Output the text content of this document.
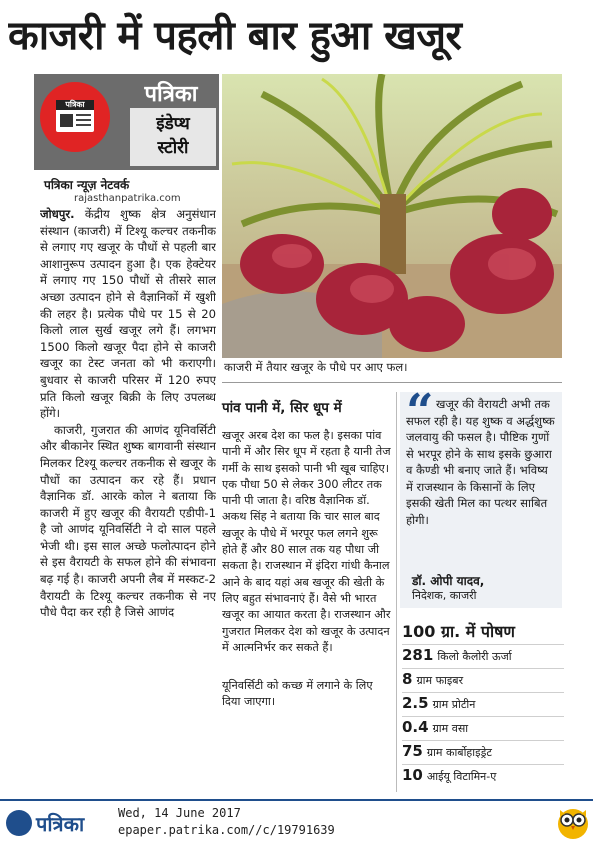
काजरी में पहली बार हुआ खजूर
पत्रिका	पत्रिका
इंडेप्थ
स्टोरी
पत्रिका न्यूज़ नेटवर्क
rajasthanpatrika.com

जोधपुर. केंद्रीय शुष्क क्षेत्र अनुसंधान संस्थान (काजरी) में टिश्यू कल्चर तकनीक से लगाए गए खजूर के पौधों से पहली बार आशानुरूप उत्पादन हुआ है। एक हेक्टेयर में लगाए गए 150 पौधों से तीसरे साल अच्छा उत्पादन होने से वैज्ञानिकों में खुशी की लहर है। प्रत्येक पौधे पर 15 से 20 किलो लाल सुर्ख खजूर लगे हैं। लगभग 1500 किलो खजूर पैदा होने से काजरी खजूर का टेस्ट जनता को भी कराएगी। बुधवार से काजरी परिसर में 120 रुपए प्रति किलो खजूर बिक्री के लिए उपलब्ध होंगे।

काजरी, गुजरात की आणंद यूनिवर्सिटी और बीकानेर स्थित शुष्क बागवानी संस्थान मिलकर टिश्यू कल्चर तकनीक से खजूर के पौधों का उत्पादन कर रहे हैं। प्रधान वैज्ञानिक डॉ. आरके कोल ने बताया कि काजरी में हुए खजूर की वैरायटी एडीपी-1 है जो आणंद यूनिवर्सिटी ने दो साल पहले भेजी थी। इस साल अच्छे फलोत्पादन होने से इस वैरायटी के सफल होने की संभावना बढ़ गई है। काजरी अपनी लैब में मस्कट-2 वैरायटी के टिश्यू कल्चर तकनीक से नए पौधे पैदा कर रही है जिसे आणंद

काजरी में तैयार खजूर के पौधे पर आए फल।
पांव पानी में, सिर धूप में

खजूर अरब देश का फल है। इसका पांव पानी में और सिर धूप में रहता है यानी तेज गर्मी के साथ इसको पानी भी खूब चाहिए। एक पौधा 50 से लेकर 300 लीटर तक पानी पी जाता है। वरिष्ठ वैज्ञानिक डॉ. अकथ सिंह ने बताया कि चार साल बाद खजूर के पौधे में भरपूर फल लगने शुरू होते हैं और 80 साल तक यह पौधा जी सकता है। राजस्थान में इंदिरा गांधी कैनाल आने के बाद यहां अब खजूर की खेती के लिए बहुत संभावनाएं हैं। वैसे भी भारत खजूर का आयात करता है। राजस्थान और गुजरात मिलकर देश को खजूर के उत्पादन में आत्मनिर्भर कर सकते हैं।

यूनिवर्सिटी को कच्छ में लगाने के लिए दिया जाएगा।

“ खजूर की वैरायटी अभी तक सफल रही है। यह शुष्क व अर्द्धशुष्क जलवायु की फसल है। पौष्टिक गुणों से भरपूर होने के साथ इसके छुआरा व कैण्डी भी बनाए जाते हैं। भविष्य में राजस्थान के किसानों के लिए इसकी खेती मिल का पत्थर साबित होगी।
डॉ. ओपी यादव,
निदेशक, काजरी
100 ग्रा. में पोषण
281 किलो कैलोरी ऊर्जा
8 ग्राम फाइबर
2.5 ग्राम प्रोटीन
0.4 ग्राम वसा
75 ग्राम कार्बोहाइड्रेट
10 आईयू विटामिन-ए
पत्रिका	Wed, 14 June 2017
epaper.patrika.com//c/19791639
